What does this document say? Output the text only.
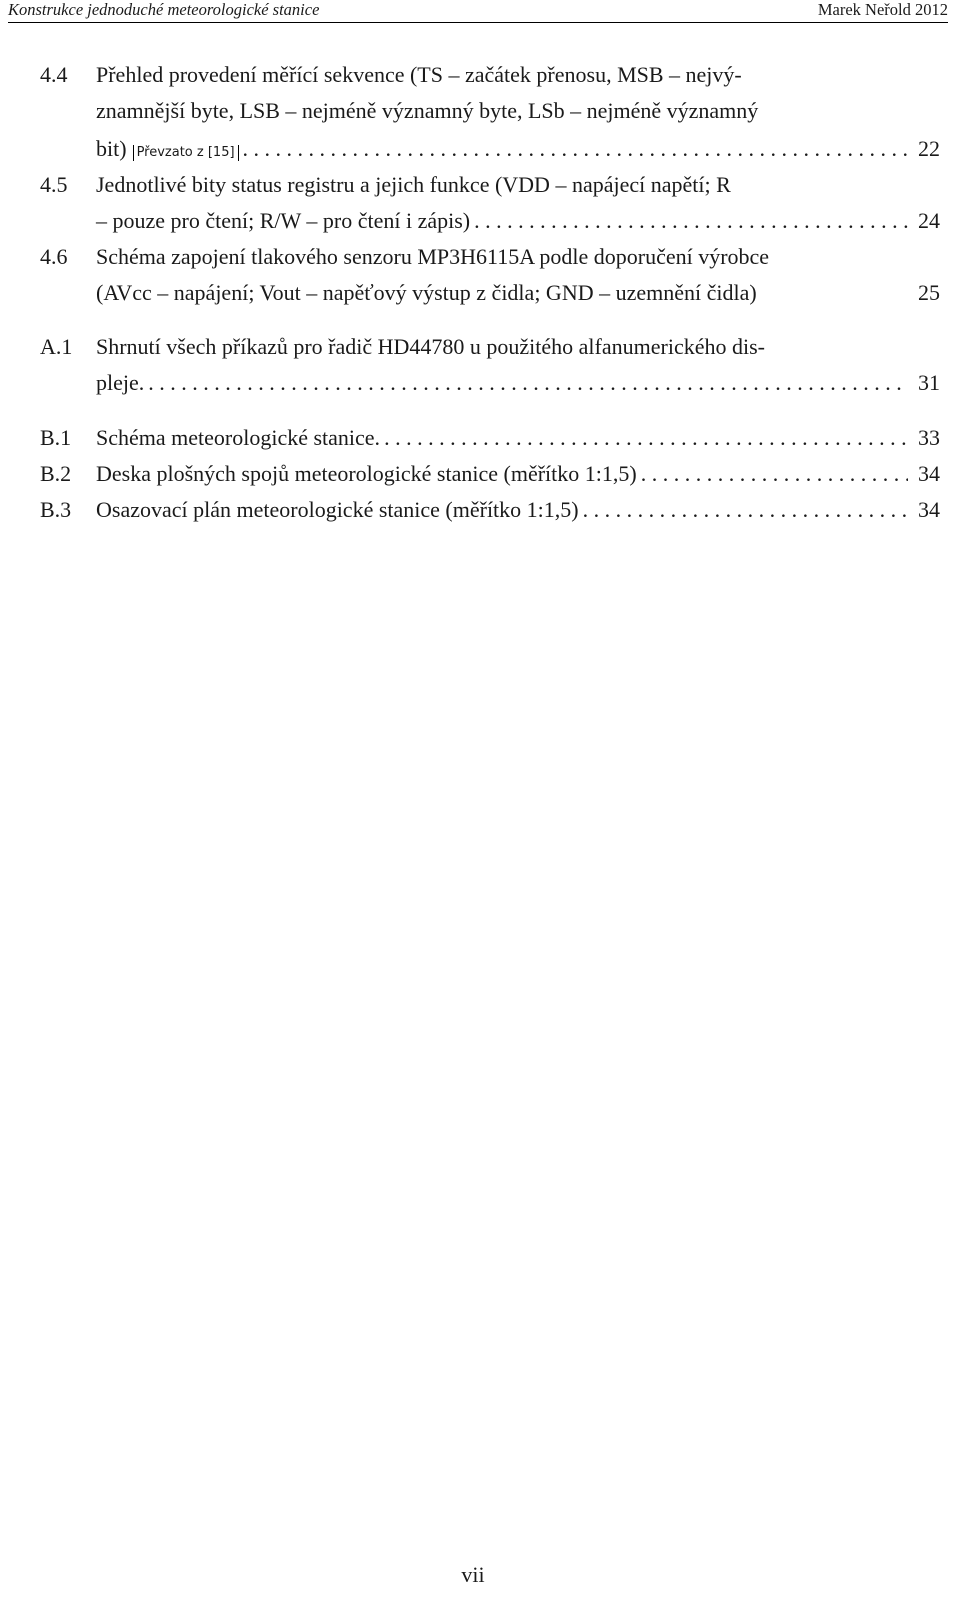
Konstrukce jednoduché meteorologické stanice	Marek Neřold 2012
4.4 Přehled provedení měřící sekvence (TS – začátek přenosu, MSB – nejvý-
znamnější byte, LSB – nejméně významný byte, LSb – nejméně významný
bit) Převzato z [15] . . .	22
4.5 Jednotlivé bity status registru a jejich funkce (VDD – napájecí napětí; R
– pouze pro čtení; R/W – pro čtení i zápis) . . .	24
4.6 Schéma zapojení tlakového senzoru MP3H6115A podle doporučení výrobce
(AVcc – napájení; Vout – napěťový výstup z čidla; GND – uzemnění čidla)	25
A.1 Shrnutí všech příkazů pro řadič HD44780 u použitého alfanumerického dis-
pleje. . . .	31
B.1 Schéma meteorologické stanice. . . .	33
B.2 Deska plošných spojů meteorologické stanice (měřítko 1:1,5) . . .	34
B.3 Osazovací plán meteorologické stanice (měřítko 1:1,5) . . .	34
vii
